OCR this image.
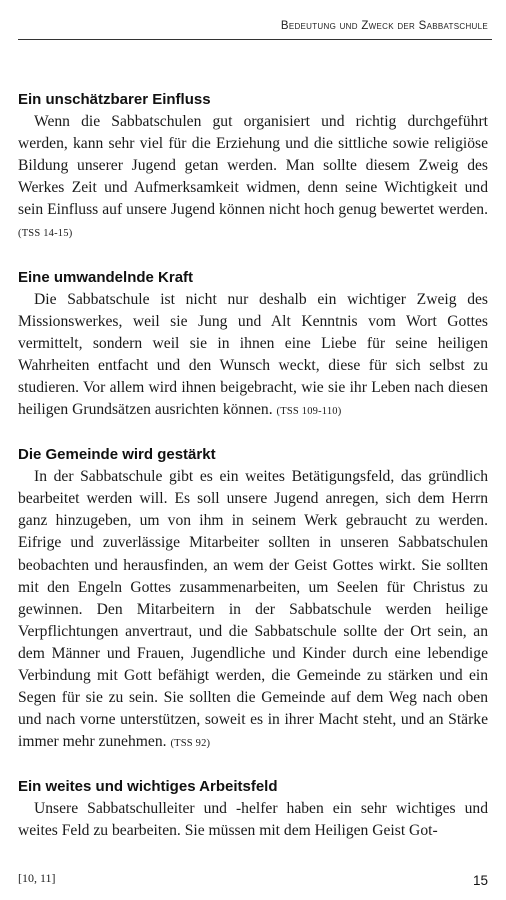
Bedeutung und Zweck der Sabbatschule
Ein unschätzbarer Einfluss

Wenn die Sabbatschulen gut organisiert und richtig durchgeführt werden, kann sehr viel für die Erziehung und die sittliche sowie religiöse Bildung unserer Jugend getan werden. Man sollte diesem Zweig des Werkes Zeit und Aufmerksamkeit widmen, denn seine Wichtigkeit und sein Einfluss auf unsere Jugend können nicht hoch genug bewertet werden. (TSS 14-15)

Eine umwandelnde Kraft

Die Sabbatschule ist nicht nur deshalb ein wichtiger Zweig des Missionswerkes, weil sie Jung und Alt Kenntnis vom Wort Gottes vermittelt, sondern weil sie in ihnen eine Liebe für seine heiligen Wahrheiten entfacht und den Wunsch weckt, diese für sich selbst zu studieren. Vor allem wird ihnen beigebracht, wie sie ihr Leben nach diesen heiligen Grundsätzen ausrichten können. (TSS 109-110)

Die Gemeinde wird gestärkt

In der Sabbatschule gibt es ein weites Betätigungsfeld, das gründlich bearbeitet werden will. Es soll unsere Jugend anregen, sich dem Herrn ganz hinzugeben, um von ihm in seinem Werk gebraucht zu werden. Eifrige und zuverlässige Mitarbeiter sollten in unseren Sabbatschulen beobachten und herausfinden, an wem der Geist Gottes wirkt. Sie sollten mit den Engeln Gottes zusammenarbeiten, um Seelen für Christus zu gewinnen. Den Mitarbeitern in der Sabbatschule werden heilige Verpflichtungen anvertraut, und die Sabbatschule sollte der Ort sein, an dem Männer und Frauen, Jugendliche und Kinder durch eine lebendige Verbindung mit Gott befähigt werden, die Gemeinde zu stärken und ein Segen für sie zu sein. Sie sollten die Gemeinde auf dem Weg nach oben und nach vorne unterstützen, soweit es in ihrer Macht steht, und an Stärke immer mehr zunehmen. (TSS 92)

Ein weites und wichtiges Arbeitsfeld

Unsere Sabbatschulleiter und -helfer haben ein sehr wichtiges und weites Feld zu bearbeiten. Sie müssen mit dem Heiligen Geist Got-

[10, 11]	15
